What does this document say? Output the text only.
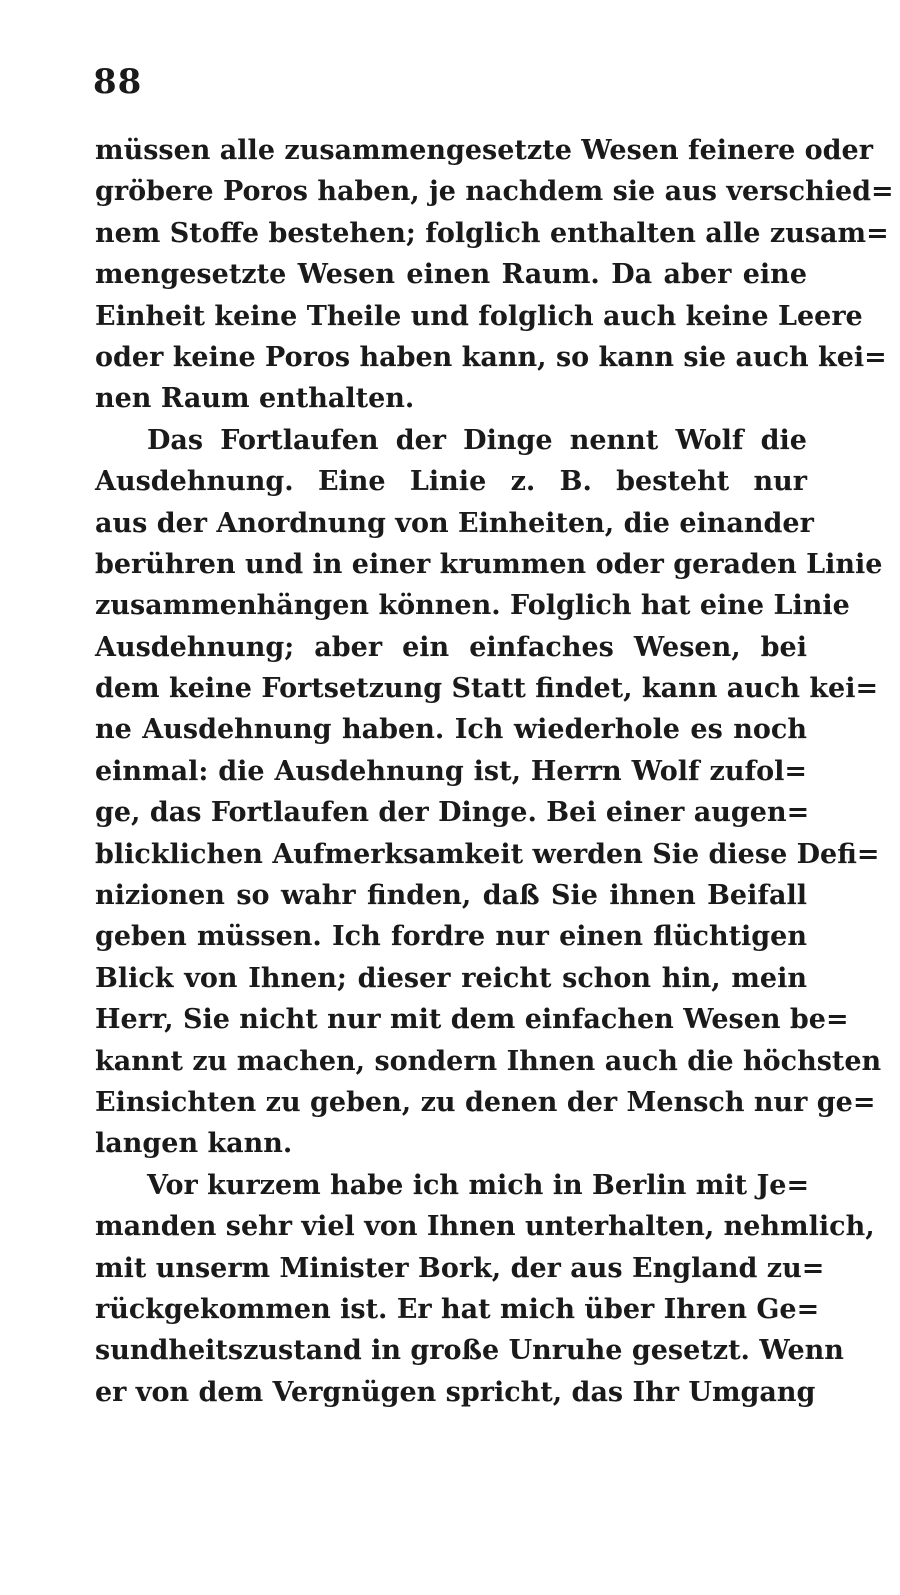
88
müssen alle zusammengesetzte Wesen feinere oder
gröbere Poros haben, je nachdem sie aus verschied=
nem Stoffe bestehen; folglich enthalten alle zusam=
mengesetzte Wesen einen Raum. Da aber eine
Einheit keine Theile und folglich auch keine Leere
oder keine Poros haben kann, so kann sie auch kei=
nen Raum enthalten.
Das Fortlaufen der Dinge nennt Wolf die
Ausdehnung. Eine Linie z. B. besteht nur
aus der Anordnung von Einheiten, die einander
berühren und in einer krummen oder geraden Linie
zusammenhängen können. Folglich hat eine Linie
Ausdehnung; aber ein einfaches Wesen, bei
dem keine Fortsetzung Statt findet, kann auch kei=
ne Ausdehnung haben. Ich wiederhole es noch
einmal: die Ausdehnung ist, Herrn Wolf zufol=
ge, das Fortlaufen der Dinge. Bei einer augen=
blicklichen Aufmerksamkeit werden Sie diese Defi=
nizionen so wahr finden, daß Sie ihnen Beifall
geben müssen. Ich fordre nur einen flüchtigen
Blick von Ihnen; dieser reicht schon hin, mein
Herr, Sie nicht nur mit dem einfachen Wesen be=
kannt zu machen, sondern Ihnen auch die höchsten
Einsichten zu geben, zu denen der Mensch nur ge=
langen kann.
Vor kurzem habe ich mich in Berlin mit Je=
manden sehr viel von Ihnen unterhalten, nehmlich,
mit unserm Minister Bork, der aus England zu=
rückgekommen ist. Er hat mich über Ihren Ge=
sundheitszustand in große Unruhe gesetzt. Wenn
er von dem Vergnügen spricht, das Ihr Umgang
